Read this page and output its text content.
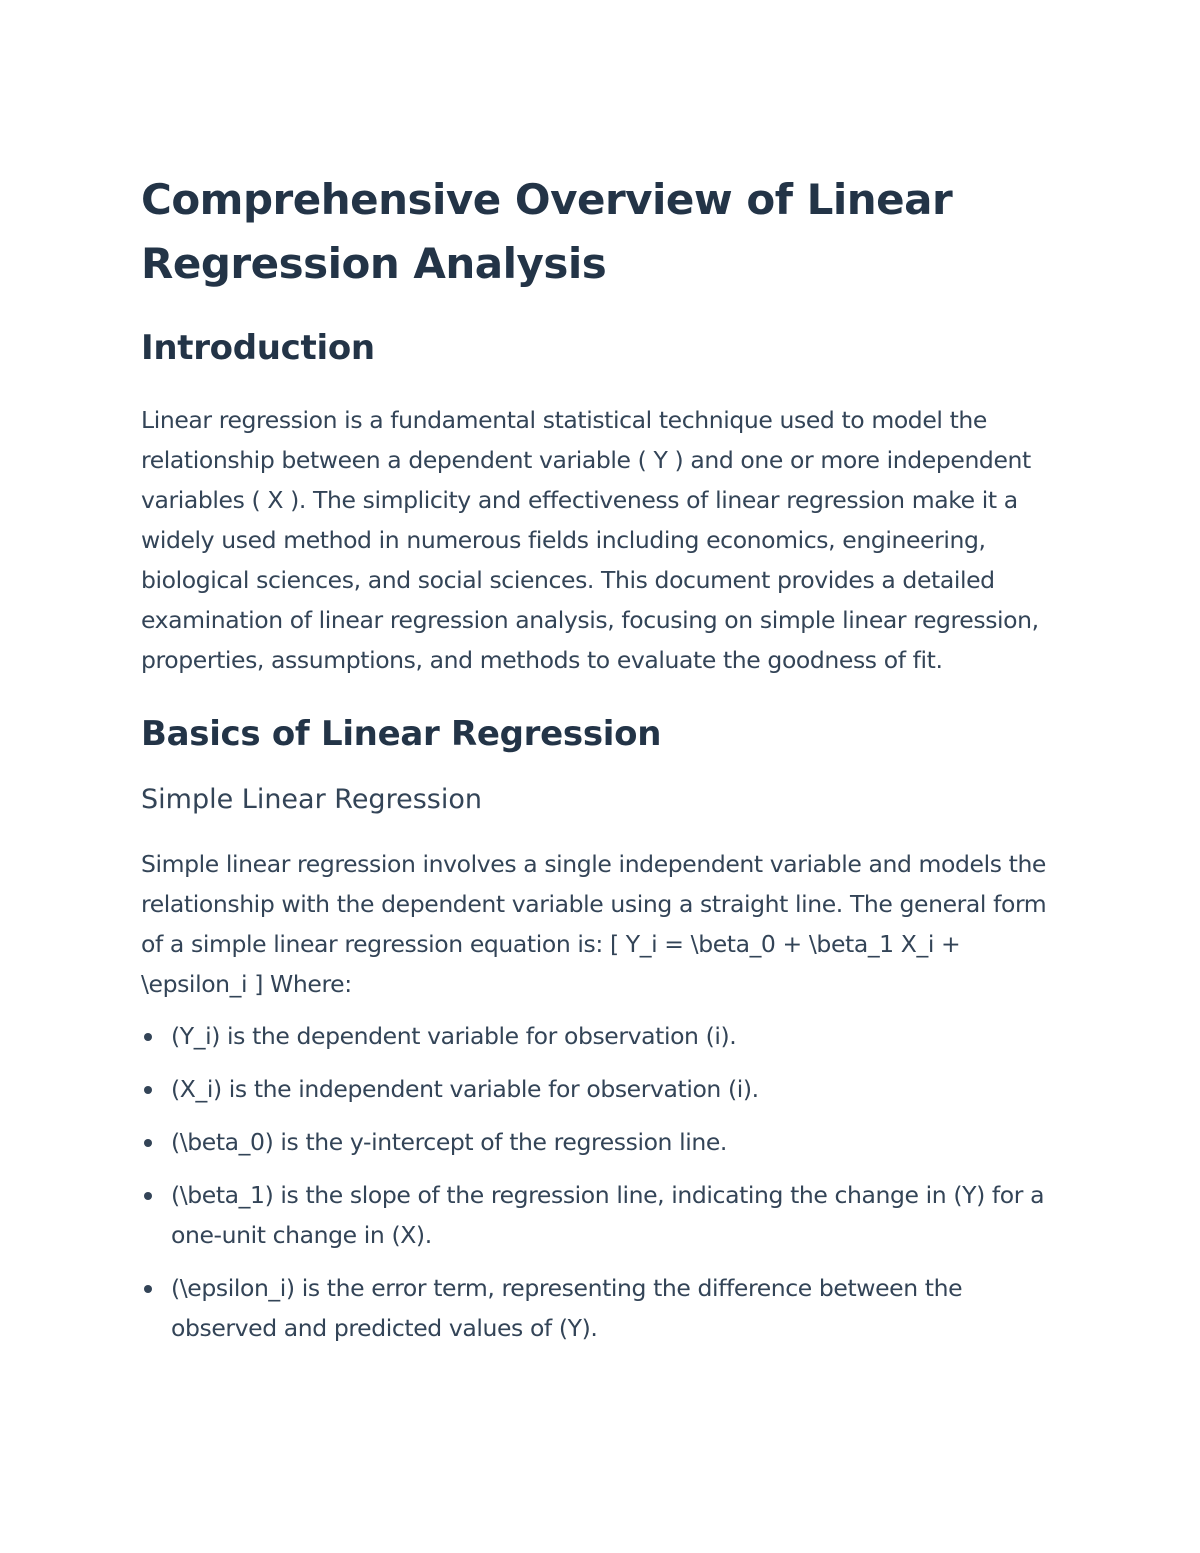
Comprehensive Overview of Linear Regression Analysis
Introduction

Linear regression is a fundamental statistical technique used to model the relationship between a dependent variable ( Y ) and one or more independent variables ( X ). The simplicity and effectiveness of linear regression make it a widely used method in numerous fields including economics, engineering, biological sciences, and social sciences. This document provides a detailed examination of linear regression analysis, focusing on simple linear regression, properties, assumptions, and methods to evaluate the goodness of fit.

Basics of Linear Regression
Simple Linear Regression

Simple linear regression involves a single independent variable and models the relationship with the dependent variable using a straight line. The general form of a simple linear regression equation is: [ Y_i = \beta_0 + \beta_1 X_i + \epsilon_i ] Where:

(Y_i) is the dependent variable for observation (i).
(X_i) is the independent variable for observation (i).
(\beta_0) is the y-intercept of the regression line.
(\beta_1) is the slope of the regression line, indicating the change in (Y) for a one-unit change in (X).
(\epsilon_i) is the error term, representing the difference between the observed and predicted values of (Y).
